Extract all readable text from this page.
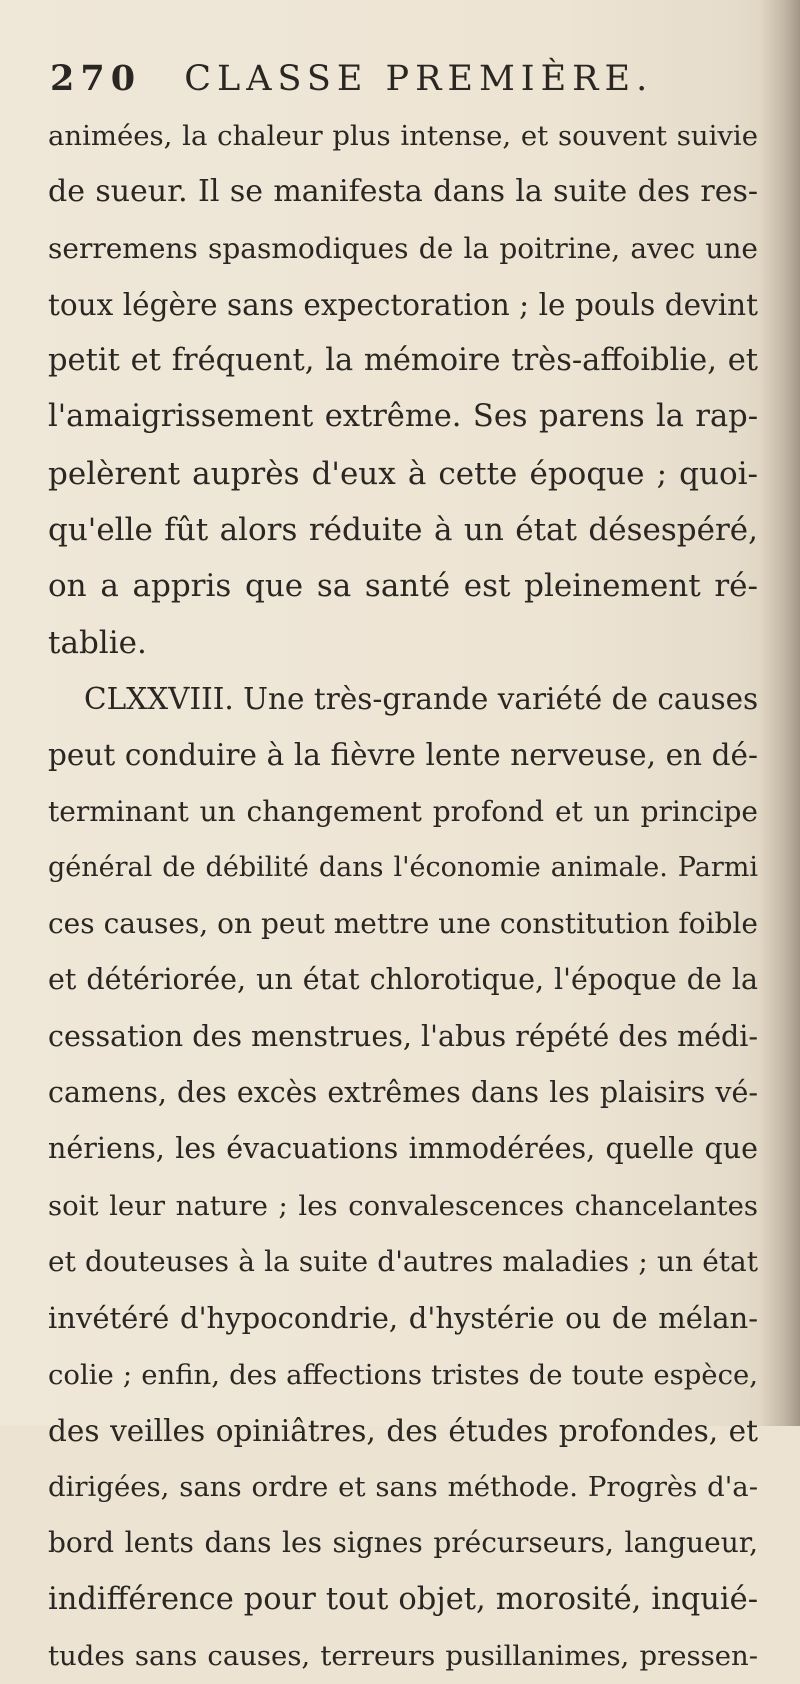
270 CLASSE PREMIÈRE.
animées, la chaleur plus intense, et souvent suivie
de sueur. Il se manifesta dans la suite des res-
serremens spasmodiques de la poitrine, avec une
toux légère sans expectoration ; le pouls devint
petit et fréquent, la mémoire très-affoiblie, et
l'amaigrissement extrême. Ses parens la rap-
pelèrent auprès d'eux à cette époque ; quoi-
qu'elle fût alors réduite à un état désespéré,
on a appris que sa santé est pleinement ré-
tablie.
CLXXVIII. Une très-grande variété de causes
peut conduire à la fièvre lente nerveuse, en dé-
terminant un changement profond et un principe
général de débilité dans l'économie animale. Parmi
ces causes, on peut mettre une constitution foible
et détériorée, un état chlorotique, l'époque de la
cessation des menstrues, l'abus répété des médi-
camens, des excès extrêmes dans les plaisirs vé-
nériens, les évacuations immodérées, quelle que
soit leur nature ; les convalescences chancelantes
et douteuses à la suite d'autres maladies ; un état
invétéré d'hypocondrie, d'hystérie ou de mélan-
colie ; enfin, des affections tristes de toute espèce,
des veilles opiniâtres, des études profondes, et
dirigées, sans ordre et sans méthode. Progrès d'a-
bord lents dans les signes précurseurs, langueur,
indifférence pour tout objet, morosité, inquié-
tudes sans causes, terreurs pusillanimes, pressen-
